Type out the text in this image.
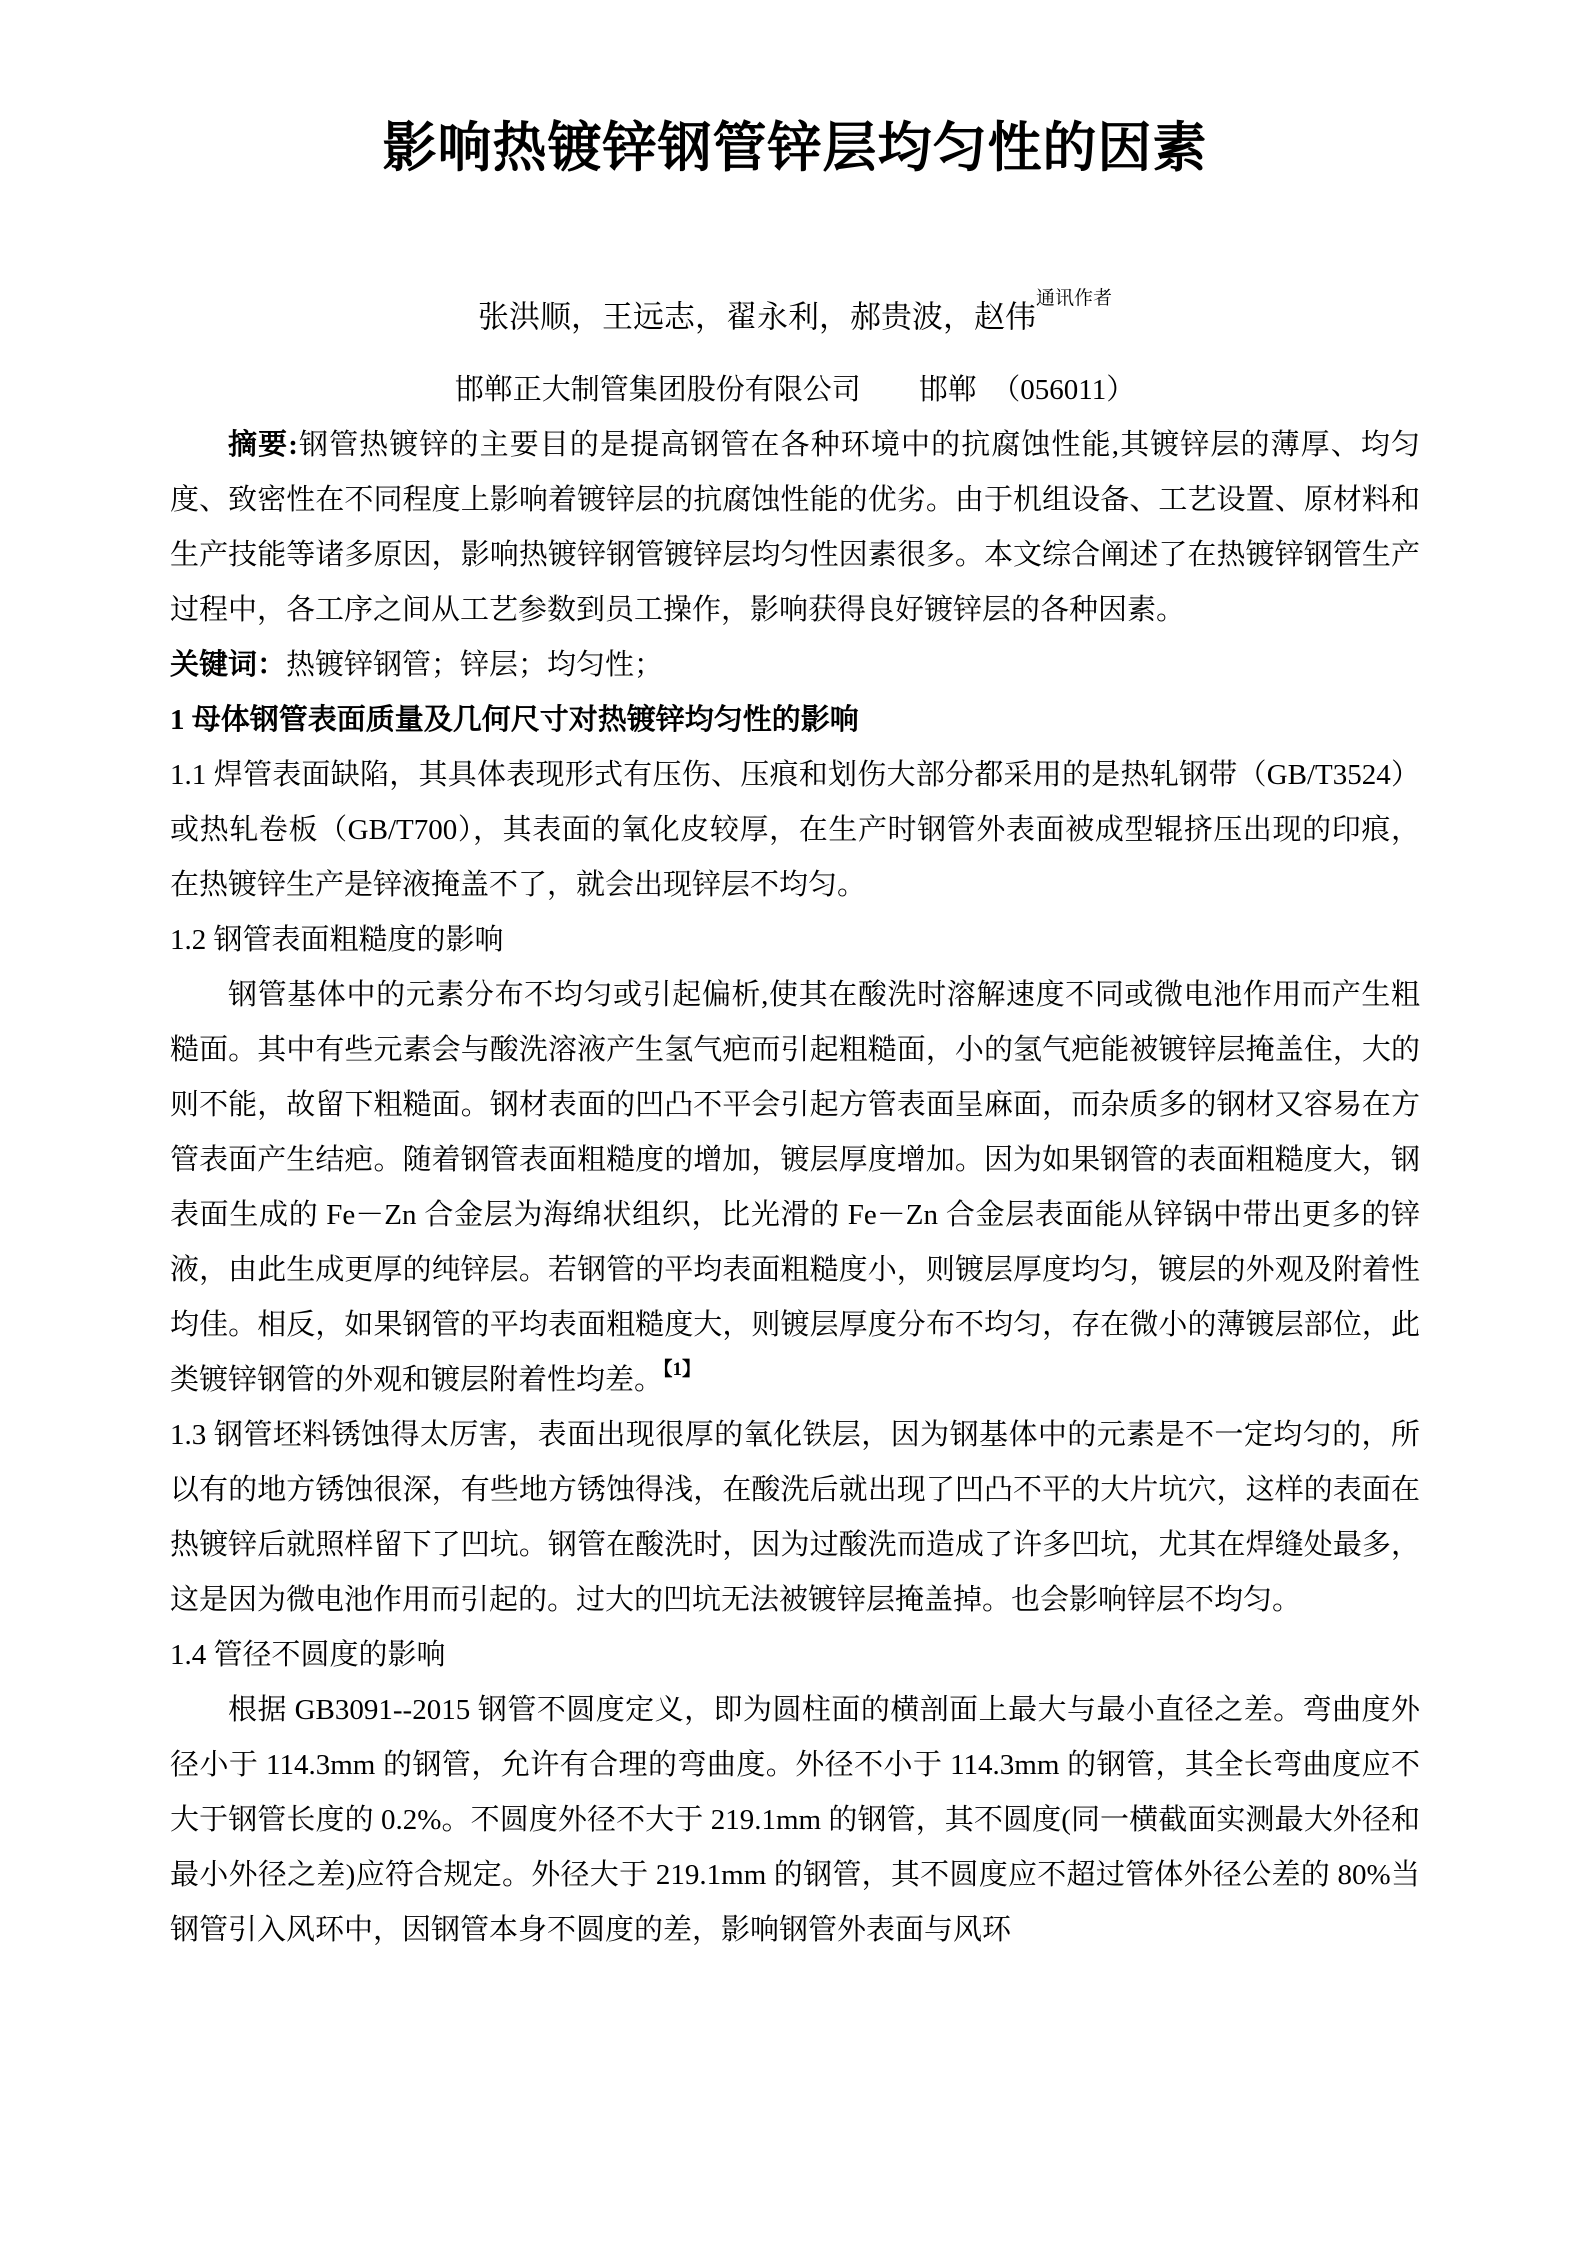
影响热镀锌钢管锌层均匀性的因素
张洪顺，王远志，翟永利，郝贵波，赵伟$^{通讯作者}$
邯郸正大制管集团股份有限公司　　邯郸　（056011）

摘要:钢管热镀锌的主要目的是提高钢管在各种环境中的抗腐蚀性能,其镀锌层的薄厚、均匀度、致密性在不同程度上影响着镀锌层的抗腐蚀性能的优劣。由于机组设备、工艺设置、原材料和生产技能等诸多原因，影响热镀锌钢管镀锌层均匀性因素很多。本文综合阐述了在热镀锌钢管生产过程中，各工序之间从工艺参数到员工操作，影响获得良好镀锌层的各种因素。

关键词：热镀锌钢管；锌层；均匀性；

1 母体钢管表面质量及几何尺寸对热镀锌均匀性的影响

1.1 焊管表面缺陷，其具体表现形式有压伤、压痕和划伤大部分都采用的是热轧钢带（GB/T3524）或热轧卷板（GB/T700），其表面的氧化皮较厚，在生产时钢管外表面被成型辊挤压出现的印痕，在热镀锌生产是锌液掩盖不了，就会出现锌层不均匀。

1.2 钢管表面粗糙度的影响

钢管基体中的元素分布不均匀或引起偏析,使其在酸洗时溶解速度不同或微电池作用而产生粗糙面。其中有些元素会与酸洗溶液产生氢气疤而引起粗糙面，小的氢气疤能被镀锌层掩盖住，大的则不能，故留下粗糙面。钢材表面的凹凸不平会引起方管表面呈麻面，而杂质多的钢材又容易在方管表面产生结疤。随着钢管表面粗糙度的增加，镀层厚度增加。因为如果钢管的表面粗糙度大，钢表面生成的 Fe－Zn 合金层为海绵状组织，比光滑的 Fe－Zn 合金层表面能从锌锅中带出更多的锌液，由此生成更厚的纯锌层。若钢管的平均表面粗糙度小，则镀层厚度均匀，镀层的外观及附着性均佳。相反，如果钢管的平均表面粗糙度大，则镀层厚度分布不均匀，存在微小的薄镀层部位，此类镀锌钢管的外观和镀层附着性均差。$^{【1】}$

1.3 钢管坯料锈蚀得太厉害，表面出现很厚的氧化铁层，因为钢基体中的元素是不一定均匀的，所以有的地方锈蚀很深，有些地方锈蚀得浅，在酸洗后就出现了凹凸不平的大片坑穴，这样的表面在热镀锌后就照样留下了凹坑。钢管在酸洗时，因为过酸洗而造成了许多凹坑，尤其在焊缝处最多，这是因为微电池作用而引起的。过大的凹坑无法被镀锌层掩盖掉。也会影响锌层不均匀。

1.4 管径不圆度的影响

根据 GB3091--2015 钢管不圆度定义，即为圆柱面的横剖面上最大与最小直径之差。弯曲度外径小于 114.3mm 的钢管，允许有合理的弯曲度。外径不小于 114.3mm 的钢管，其全长弯曲度应不大于钢管长度的 0.2%。不圆度外径不大于 219.1mm 的钢管，其不圆度(同一横截面实测最大外径和最小外径之差)应符合规定。外径大于 219.1mm 的钢管，其不圆度应不超过管体外径公差的 80%当钢管引入风环中，因钢管本身不圆度的差，影响钢管外表面与风环
